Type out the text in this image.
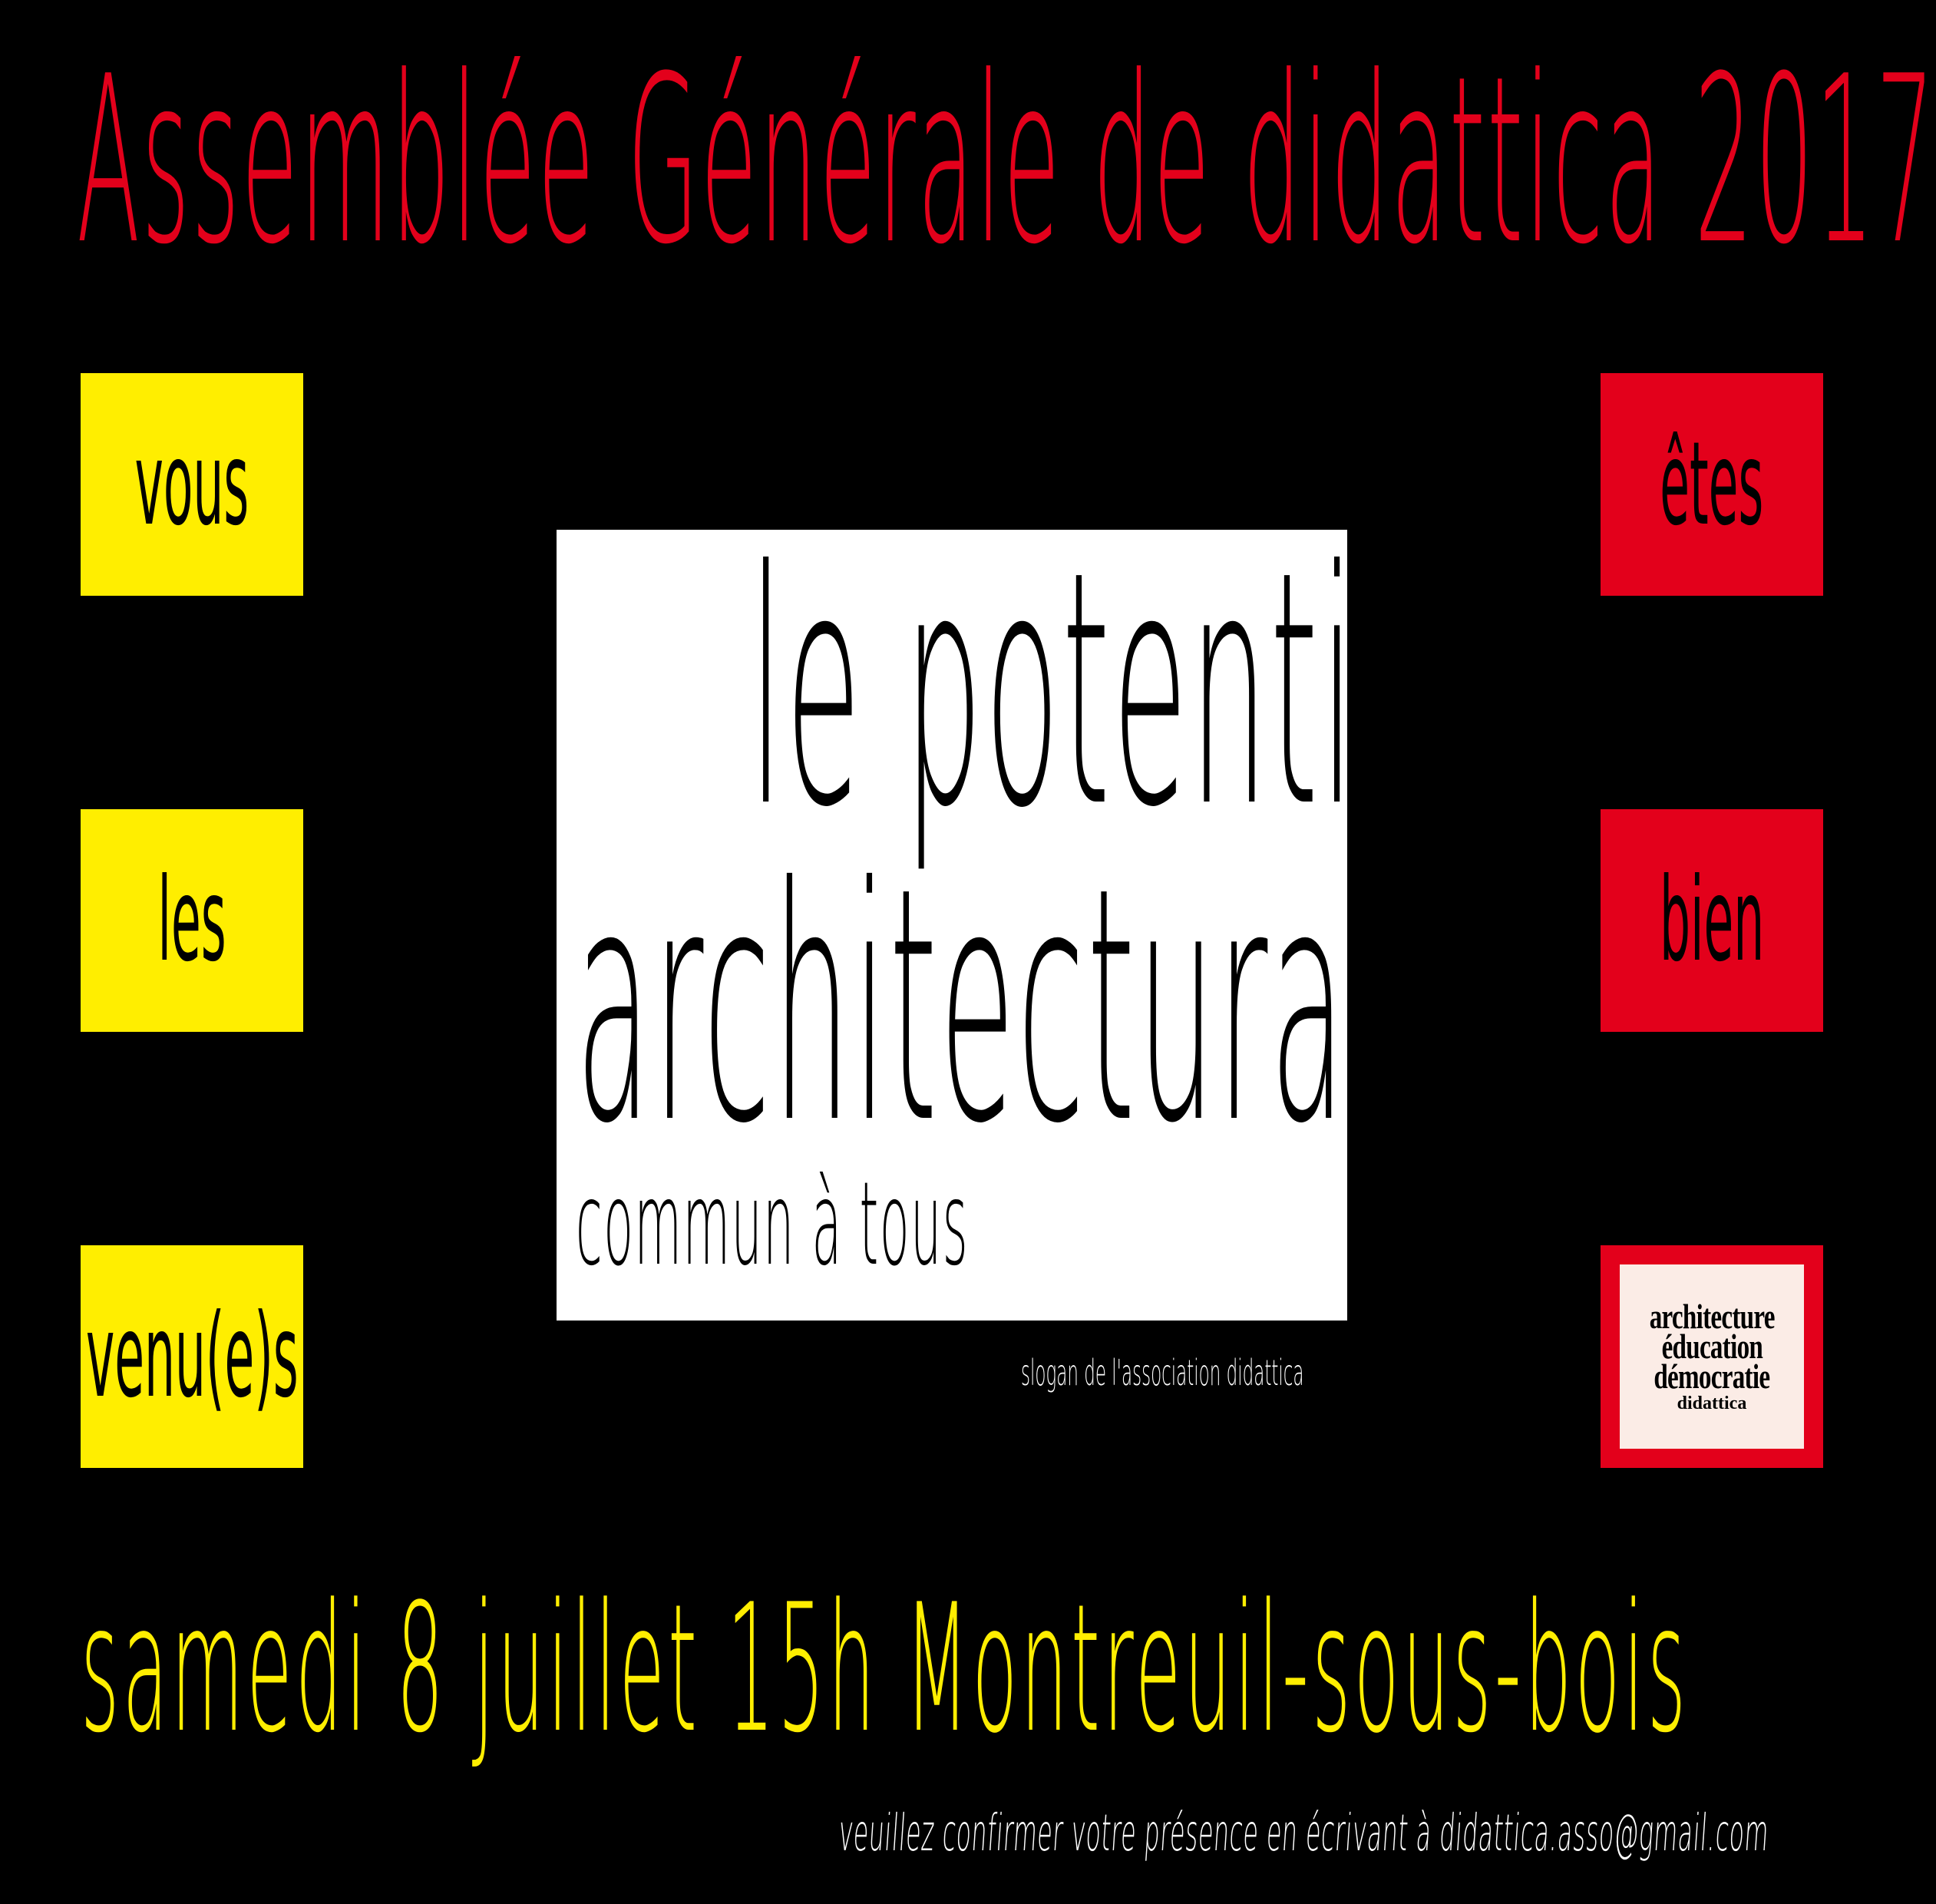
Assemblée Générale de didattica 2017
vous
les
venu(e)s
êtes
bien
architecture
éducation
démocratie
didattica
le potentiel
architectural
commun à tous
slogan de l'association didattica
samedi 8 juillet 15h Montreuil-sous-bois
veuillez confirmer votre présence en écrivant à didattica.asso@gmail.com
